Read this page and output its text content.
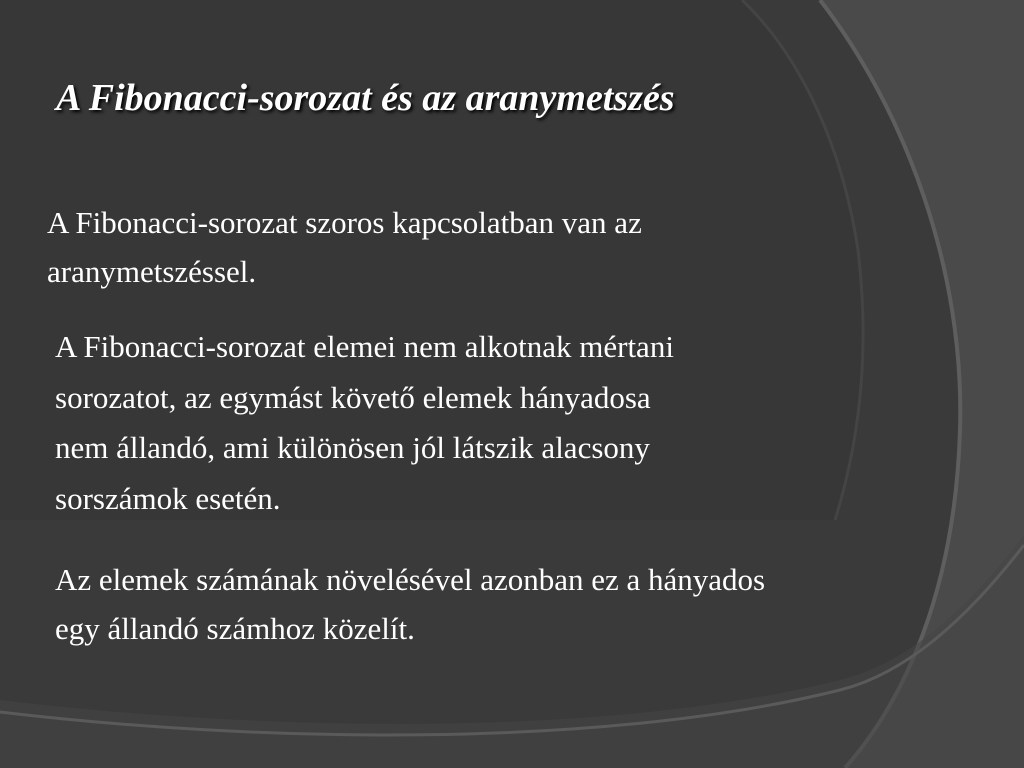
A Fibonacci-sorozat és az aranymetszés

A Fibonacci-sorozat szoros kapcsolatban van az
aranymetszéssel.

A Fibonacci-sorozat elemei nem alkotnak mértani
sorozatot, az egymást követő elemek hányadosa
nem állandó, ami különösen jól látszik alacsony
sorszámok esetén.

Az elemek számának növelésével azonban ez a hányados
egy állandó számhoz közelít.
